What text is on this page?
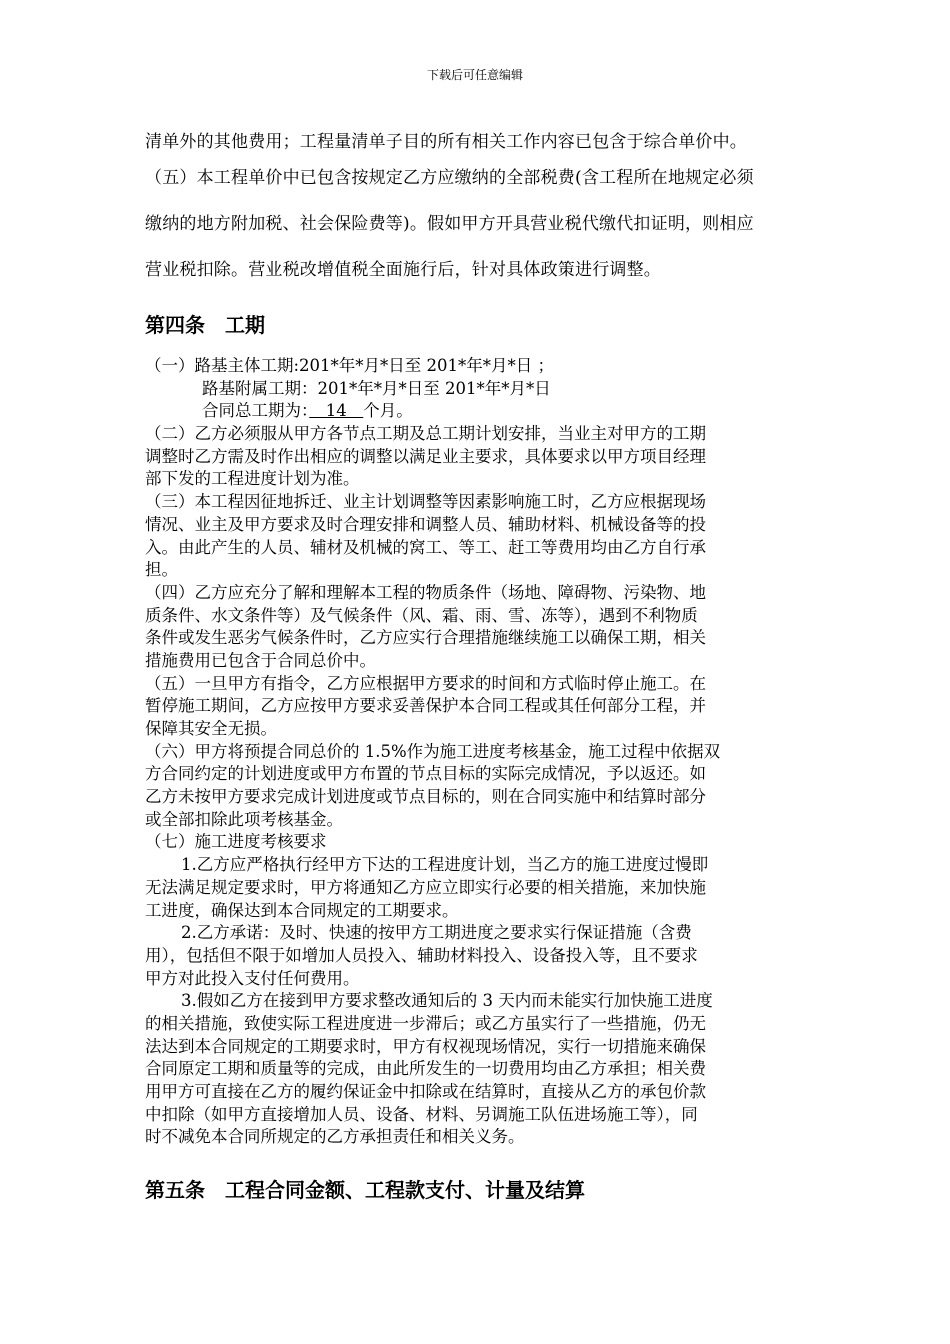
下载后可任意编辑
清单外的其他费用；工程量清单子目的所有相关工作内容已包含于综合单价中。
（五）本工程单价中已包含按规定乙方应缴纳的全部税费(含工程所在地规定必须
缴纳的地方附加税、社会保险费等)。假如甲方开具营业税代缴代扣证明，则相应
营业税扣除。营业税改增值税全面施行后，针对具体政策进行调整。
第四条　工期
（一）路基主体工期:201*年*月*日至 201*年*月*日 ；
路基附属工期：201*年*月*日至 201*年*月*日
合同总工期为：　14　个月。
（二）乙方必须服从甲方各节点工期及总工期计划安排，当业主对甲方的工期
调整时乙方需及时作出相应的调整以满足业主要求，具体要求以甲方项目经理
部下发的工程进度计划为准。
（三）本工程因征地拆迁、业主计划调整等因素影响施工时，乙方应根据现场
情况、业主及甲方要求及时合理安排和调整人员、辅助材料、机械设备等的投
入。由此产生的人员、辅材及机械的窝工、等工、赶工等费用均由乙方自行承
担。
（四）乙方应充分了解和理解本工程的物质条件（场地、障碍物、污染物、地
质条件、水文条件等）及气候条件（风、霜、雨、雪、冻等），遇到不利物质
条件或发生恶劣气候条件时，乙方应实行合理措施继续施工以确保工期，相关
措施费用已包含于合同总价中。
（五）一旦甲方有指令，乙方应根据甲方要求的时间和方式临时停止施工。在
暂停施工期间，乙方应按甲方要求妥善保护本合同工程或其任何部分工程，并
保障其安全无损。
（六）甲方将预提合同总价的 1.5%作为施工进度考核基金，施工过程中依据双
方合同约定的计划进度或甲方布置的节点目标的实际完成情况，予以返还。如
乙方未按甲方要求完成计划进度或节点目标的，则在合同实施中和结算时部分
或全部扣除此项考核基金。
（七）施工进度考核要求
1.乙方应严格执行经甲方下达的工程进度计划，当乙方的施工进度过慢即
无法满足规定要求时，甲方将通知乙方应立即实行必要的相关措施，来加快施
工进度，确保达到本合同规定的工期要求。
2.乙方承诺：及时、快速的按甲方工期进度之要求实行保证措施（含费
用），包括但不限于如增加人员投入、辅助材料投入、设备投入等，且不要求
甲方对此投入支付任何费用。
3.假如乙方在接到甲方要求整改通知后的 3 天内而未能实行加快施工进度
的相关措施，致使实际工程进度进一步滞后；或乙方虽实行了一些措施，仍无
法达到本合同规定的工期要求时，甲方有权视现场情况，实行一切措施来确保
合同原定工期和质量等的完成，由此所发生的一切费用均由乙方承担；相关费
用甲方可直接在乙方的履约保证金中扣除或在结算时，直接从乙方的承包价款
中扣除（如甲方直接增加人员、设备、材料、另调施工队伍进场施工等），同
时不减免本合同所规定的乙方承担责任和相关义务。
第五条　工程合同金额、工程款支付、计量及结算
